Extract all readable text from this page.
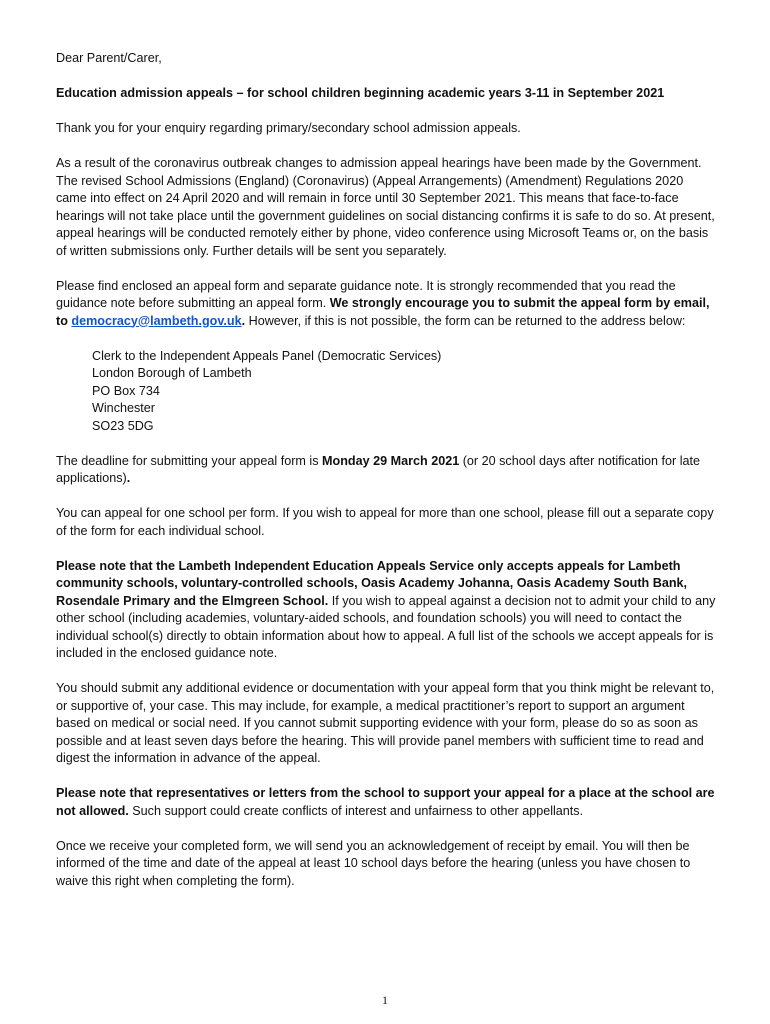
Dear Parent/Carer,

Education admission appeals – for school children beginning academic years 3-11 in September 2021

Thank you for your enquiry regarding primary/secondary school admission appeals.

As a result of the coronavirus outbreak changes to admission appeal hearings have been made by the Government. The revised School Admissions (England) (Coronavirus) (Appeal Arrangements) (Amendment) Regulations 2020 came into effect on 24 April 2020 and will remain in force until 30 September 2021. This means that face-to-face hearings will not take place until the government guidelines on social distancing confirms it is safe to do so. At present, appeal hearings will be conducted remotely either by phone, video conference using Microsoft Teams or, on the basis of written submissions only. Further details will be sent you separately.

Please find enclosed an appeal form and separate guidance note. It is strongly recommended that you read the guidance note before submitting an appeal form. We strongly encourage you to submit the appeal form by email, to democracy@lambeth.gov.uk. However, if this is not possible, the form can be returned to the address below:

Clerk to the Independent Appeals Panel (Democratic Services)
London Borough of Lambeth
PO Box 734
Winchester
SO23 5DG

The deadline for submitting your appeal form is Monday 29 March 2021 (or 20 school days after notification for late applications).

You can appeal for one school per form. If you wish to appeal for more than one school, please fill out a separate copy of the form for each individual school.

Please note that the Lambeth Independent Education Appeals Service only accepts appeals for Lambeth community schools, voluntary-controlled schools, Oasis Academy Johanna, Oasis Academy South Bank, Rosendale Primary and the Elmgreen School. If you wish to appeal against a decision not to admit your child to any other school (including academies, voluntary-aided schools, and foundation schools) you will need to contact the individual school(s) directly to obtain information about how to appeal. A full list of the schools we accept appeals for is included in the enclosed guidance note.

You should submit any additional evidence or documentation with your appeal form that you think might be relevant to, or supportive of, your case. This may include, for example, a medical practitioner’s report to support an argument based on medical or social need. If you cannot submit supporting evidence with your form, please do so as soon as possible and at least seven days before the hearing. This will provide panel members with sufficient time to read and digest the information in advance of the appeal.

Please note that representatives or letters from the school to support your appeal for a place at the school are not allowed. Such support could create conflicts of interest and unfairness to other appellants.

Once we receive your completed form, we will send you an acknowledgement of receipt by email. You will then be informed of the time and date of the appeal at least 10 school days before the hearing (unless you have chosen to waive this right when completing the form).

1
